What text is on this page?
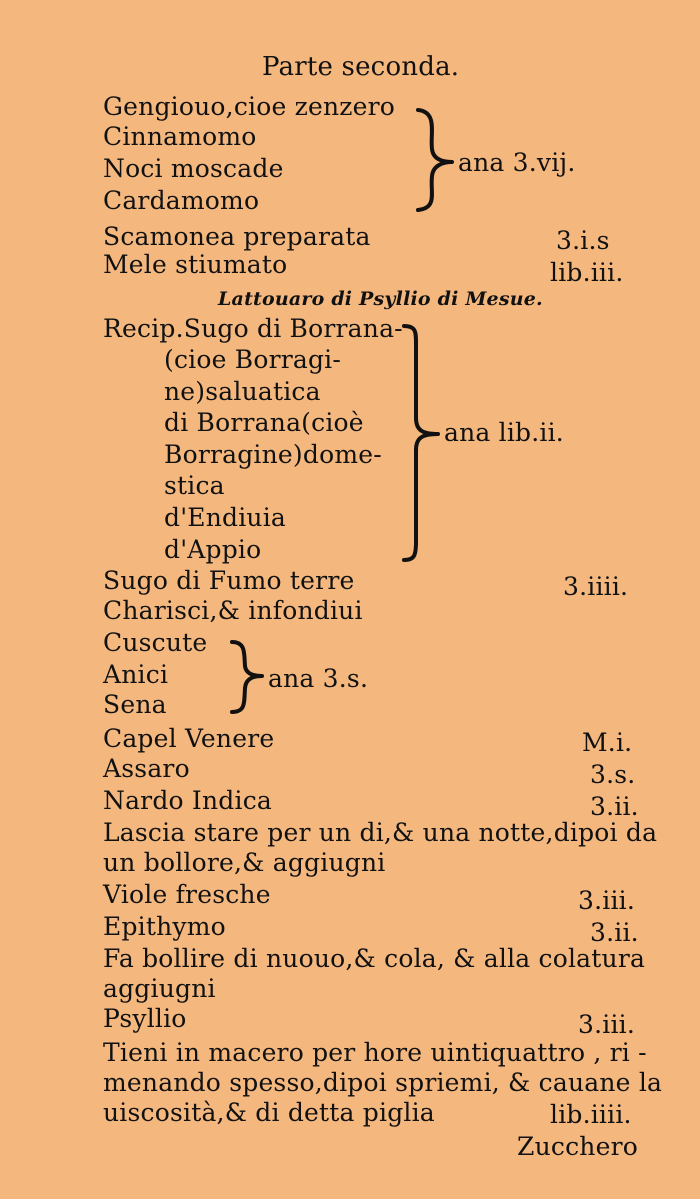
Parte seconda.
Gengiouo,cioe zenzero
Cinnamomo
Noci moscade
Cardamomo
ana 3.vij.
Scamonea preparata	3.i.s
Mele stiumato	lib.iii.
Lattouaro di Psyllio di Mesue.
Recip.Sugo di Borrana-
(cioe Borragi-
ne)saluatica
di Borrana(cioè
Borragine)dome-
stica
d'Endiuia
d'Appio
ana lib.ii.
Sugo di Fumo terre	3.iiii.
Charisci,& infondiui
Cuscute
Anici
Sena
ana 3.s.
Capel Venere	M.i.
Assaro	3.s.
Nardo Indica	3.ii.
Lascia stare per un di,& una notte,dipoi da
un bollore,& aggiugni
Viole fresche	3.iii.
Epithymo	3.ii.
Fa bollire di nuouo,& cola, & alla colatura
aggiugni
Psyllio	3.iii.
Tieni in macero per hore uintiquattro , ri -
menando spesso,dipoi spriemi, & cauane la
uiscosità,& di detta piglia	lib.iiii.
Zucchero
